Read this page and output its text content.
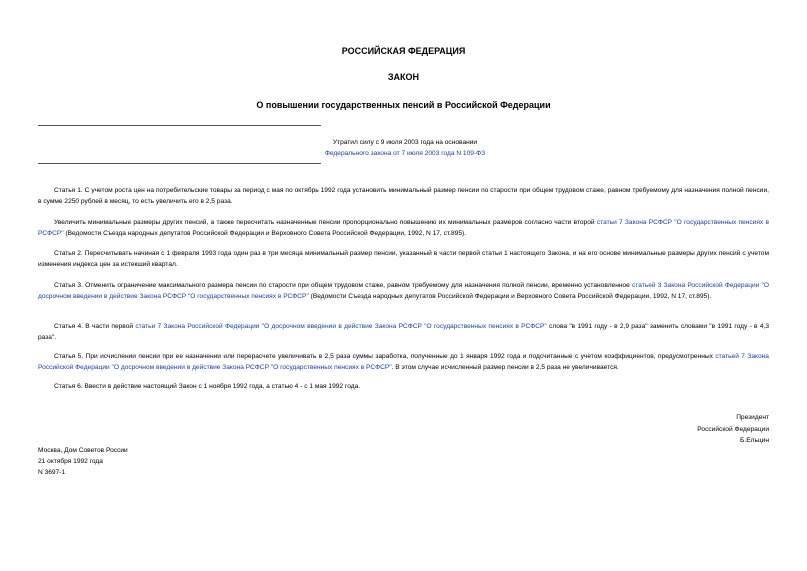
РОССИЙСКАЯ ФЕДЕРАЦИЯ
ЗАКОН
О повышении государственных пенсий в Российской Федерации
Утратил силу с 9 июля 2003 года на основании
Федерального закона от 7 июля 2003 года N 109-ФЗ
Статья 1. С учетом роста цен на потребительские товары за период с мая по октябрь 1992 года установить минимальный размер пенсии по старости при общем трудовом стаже, равном требуемому для назначения полной пенсии, в сумме 2250 рублей в месяц, то есть увеличить его в 2,5 раза.
Увеличить минимальные размеры других пенсий, а также пересчитать назначенные пенсии пропорционально повышению их минимальных размеров согласно части второй статьи 7 Закона РСФСР "О государственных пенсиях в РСФСР" (Ведомости Съезда народных депутатов Российской Федерации и Верховного Совета Российской Федерации, 1992, N 17, ст.895).
Статья 2. Пересчитывать начиная с 1 февраля 1993 года один раз в три месяца минимальный размер пенсии, указанный в части первой статьи 1 настоящего Закона, и на его основе минимальные размеры других пенсий с учетом изменения индекса цен за истекший квартал.
Статья 3. Отменить ограничение максимального размера пенсии по старости при общем трудовом стаже, равном требуемому для назначения полной пенсии, временно установленное статьей 3 Закона Российской Федерации "О досрочном введении в действие Закона РСФСР "О государственных пенсиях в РСФСР" (Ведомости Съезда народных депутатов Российской Федерации и Верховного Совета Российской Федерации, 1992, N 17, ст.895).
Статья 4. В части первой статьи 7 Закона Российской Федерации "О досрочном введении в действие Закона РСФСР "О государственных пенсиях в РСФСР" слова "в 1991 году - в 2,9 раза" заменить словами "в 1991 году - в 4,3 раза".
Статья 5. При исчислении пенсии при ее назначении или перерасчете увеличивать в 2,5 раза суммы заработка, полученные до 1 января 1992 года и подсчитанные с учетом коэффициентов, предусмотренных статьей 7 Закона Российской Федерации "О досрочном введении в действие Закона РСФСР "О государственных пенсиях в РСФСР". В этом случае исчисленный размер пенсии в 2,5 раза не увеличивается.
Статья 6. Ввести в действие настоящий Закон с 1 ноября 1992 года, а статью 4 - с 1 мая 1992 года.
Президент
Российской Федерации
Б.Ельцин
Москва, Дом Советов России
21 октября 1992 года
N 3697-1
